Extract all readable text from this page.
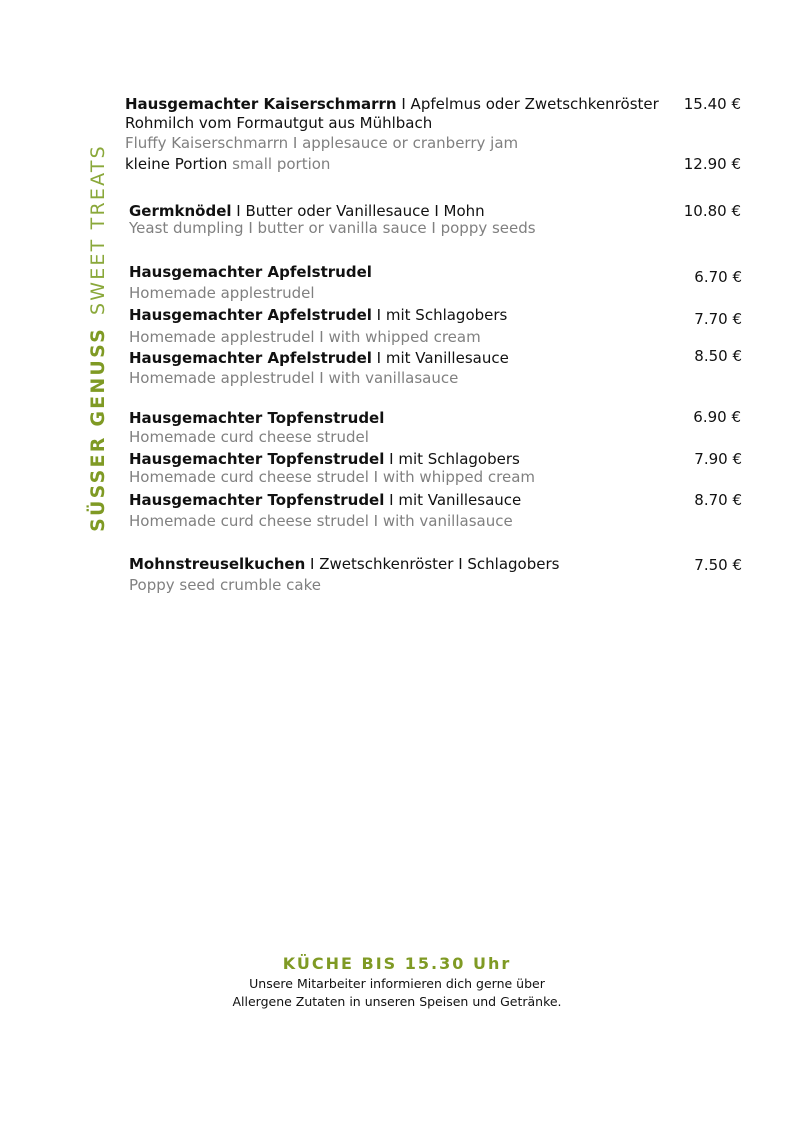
SÜSSER GENUSSSWEET TREATS
Hausgemachter Kaiserschmarrn I Apfelmus oder Zwetschkenröster
Rohmilch vom Formautgut aus Mühlbach
Fluffy Kaiserschmarrn I applesauce or cranberry jam
15.40 €
kleine Portion small portion	12.90 €
Germknödel I Butter oder Vanillesauce I Mohn
Yeast dumpling I butter or vanilla sauce I poppy seeds
10.80 €
Hausgemachter Apfelstrudel
Homemade applestrudel
6.70 €
Hausgemachter Apfelstrudel I mit Schlagobers
Homemade applestrudel I with whipped cream
7.70 €
Hausgemachter Apfelstrudel I mit Vanillesauce
Homemade applestrudel I with vanillasauce
8.50 €
Hausgemachter Topfenstrudel
Homemade curd cheese strudel
6.90 €
Hausgemachter Topfenstrudel I mit Schlagobers
Homemade curd cheese strudel I with whipped cream
7.90 €
Hausgemachter Topfenstrudel I mit Vanillesauce
Homemade curd cheese strudel I with vanillasauce
8.70 €
Mohnstreuselkuchen I Zwetschkenröster I Schlagobers
Poppy seed crumble cake
7.50 €
KÜCHE BIS 15.30 Uhr
Unsere Mitarbeiter informieren dich gerne über
Allergene Zutaten in unseren Speisen und Getränke.
